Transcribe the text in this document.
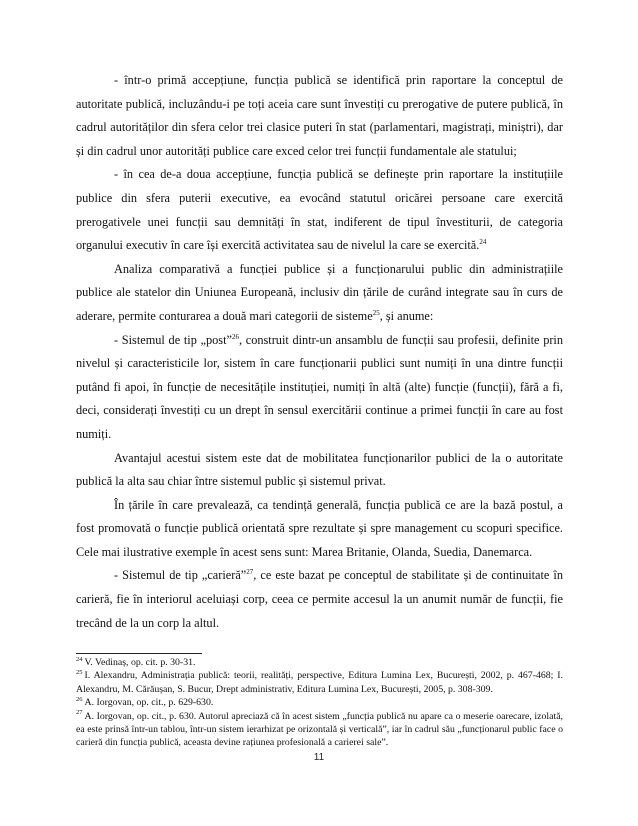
- într-o primă accepțiune, funcția publică se identifică prin raportare la conceptul de autoritate publică, incluzându-i pe toți aceia care sunt învestiți cu prerogative de putere publică, în cadrul autorităților din sfera celor trei clasice puteri în stat (parlamentari, magistrați, miniștri), dar și din cadrul unor autorități publice care exced celor trei funcții fundamentale ale statului;

- în cea de-a doua accepțiune, funcția publică se definește prin raportare la instituțiile publice din sfera puterii executive, ea evocând statutul oricărei persoane care exercită prerogativele unei funcții sau demnități în stat, indiferent de tipul învestiturii, de categoria organului executiv în care își exercită activitatea sau de nivelul la care se exercită.$^{24}$

Analiza comparativă a funcției publice și a funcționarului public din administrațiile publice ale statelor din Uniunea Europeană, inclusiv din țările de curând integrate sau în curs de aderare, permite conturarea a două mari categorii de sisteme$^{25}$, și anume:

- Sistemul de tip „post”$^{26}$, construit dintr-un ansamblu de funcții sau profesii, definite prin nivelul și caracteristicile lor, sistem în care funcționarii publici sunt numiți în una dintre funcții putând fi apoi, în funcție de necesitățile instituției, numiți în altă (alte) funcție (funcții), fără a fi, deci, considerați învestiți cu un drept în sensul exercitării continue a primei funcții în care au fost numiți.

Avantajul acestui sistem este dat de mobilitatea funcționarilor publici de la o autoritate publică la alta sau chiar între sistemul public și sistemul privat.

În țările în care prevalează, ca tendință generală, funcția publică ce are la bază postul, a fost promovată o funcție publică orientată spre rezultate și spre management cu scopuri specifice. Cele mai ilustrative exemple în acest sens sunt: Marea Britanie, Olanda, Suedia, Danemarca.

- Sistemul de tip „carieră”$^{27}$, ce este bazat pe conceptul de stabilitate și de continuitate în carieră, fie în interiorul aceluiași corp, ceea ce permite accesul la un anumit număr de funcții, fie trecând de la un corp la altul.

$^{24}$ V. Vedinaș, op. cit. p. 30-31.

$^{25}$ I. Alexandru, Administrația publică: teorii, realități, perspective, Editura Lumina Lex, București, 2002, p. 467-468; I. Alexandru, M. Cărăușan, S. Bucur, Drept administrativ, Editura Lumina Lex, București, 2005, p. 308-309.

$^{26}$ A. Iorgovan, op. cit., p. 629-630.

$^{27}$ A. Iorgovan, op. cit., p. 630. Autorul apreciază că în acest sistem „funcția publică nu apare ca o meserie oarecare, izolată, ea este prinsă într-un tablou, într-un sistem ierarhizat pe orizontală și verticală”, iar în cadrul său „funcționarul public face o carieră din funcția publică, aceasta devine rațiunea profesională a carierei sale”.

11
